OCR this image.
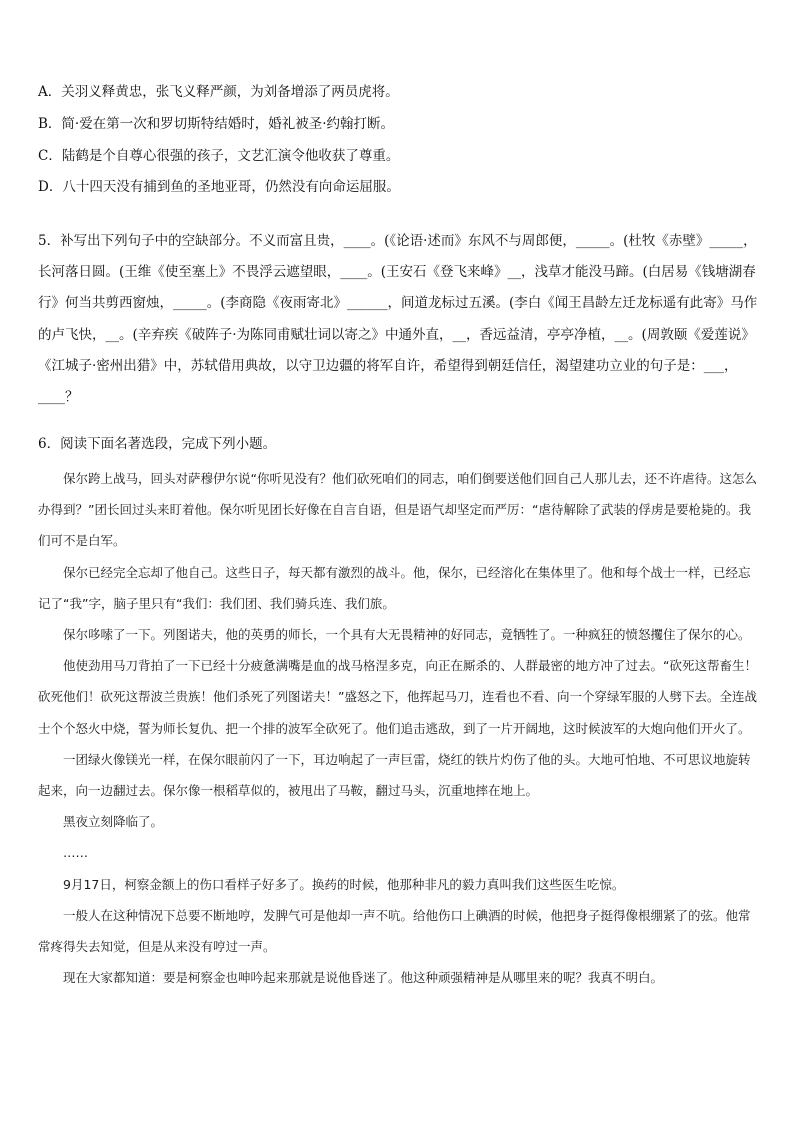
A．关羽义释黄忠，张飞义释严颜，为刘备增添了两员虎将。
B．简·爱在第一次和罗切斯特结婚时，婚礼被圣·约翰打断。
C．陆鹤是个自尊心很强的孩子，文艺汇演令他收获了尊重。
D．八十四天没有捕到鱼的圣地亚哥，仍然没有向命运屈服。
5．补写出下列句子中的空缺部分。不义而富且贵，____。(《论语·述而》东风不与周郎便，_____。(杜牧《赤壁》_____，长河落日圆。(王维《使至塞上》不畏浮云遮望眼，____。(王安石《登飞来峰》__，浅草才能没马蹄。(白居易《钱塘湖春行》何当共剪西窗烛，_____。(李商隐《夜雨寄北》______，间道龙标过五溪。(李白《闻王昌龄左迁龙标遥有此寄》马作的卢飞快，__。(辛弃疾《破阵子·为陈同甫赋壮词以寄之》中通外直，__，香远益清，亭亭净植，__。(周敦颐《爱莲说》《江城子·密州出猎》中，苏轼借用典故，以守卫边疆的将军自许，希望得到朝廷信任，渴望建功立业的句子是：___，____？
6．阅读下面名著选段，完成下列小题。

保尔跨上战马，回头对萨穆伊尔说“你听见没有？他们砍死咱们的同志，咱们倒要送他们回自己人那儿去，还不许虐待。这怎么办得到？”团长回过头来盯着他。保尔听见团长好像在自言自语，但是语气却坚定而严厉：“虐待解除了武装的俘虏是要枪毙的。我们可不是白军。

保尔已经完全忘却了他自己。这些日子，每天都有激烈的战斗。他，保尔，已经溶化在集体里了。他和每个战士一样，已经忘记了“我”字，脑子里只有“我们：我们团、我们骑兵连、我们旅。

保尔哆嗦了一下。列图诺夫，他的英勇的师长，一个具有大无畏精神的好同志，竟牺牲了。一种疯狂的愤怒攫住了保尔的心。

他使劲用马刀背拍了一下已经十分疲惫满嘴是血的战马格涅多克，向正在厮杀的、人群最密的地方冲了过去。“砍死这帮畜生！砍死他们！砍死这帮波兰贵族！他们杀死了列图诺夫！”盛怒之下，他挥起马刀，连看也不看、向一个穿绿军服的人劈下去。全连战士个个怒火中烧，誓为师长复仇、把一个排的波军全砍死了。他们追击逃敌，到了一片开阔地，这时候波军的大炮向他们开火了。

一团绿火像镁光一样，在保尔眼前闪了一下，耳边响起了一声巨雷，烧红的铁片灼伤了他的头。大地可怕地、不可思议地旋转起来，向一边翻过去。保尔像一根稻草似的，被甩出了马鞍，翻过马头，沉重地摔在地上。

黑夜立刻降临了。

……

9月17日，柯察金额上的伤口看样子好多了。换药的时候，他那种非凡的毅力真叫我们这些医生吃惊。

一般人在这种情况下总要不断地哼，发脾气可是他却一声不吭。给他伤口上碘酒的时候，他把身子挺得像根绷紧了的弦。他常常疼得失去知觉，但是从来没有哼过一声。

现在大家都知道：要是柯察金也呻吟起来那就是说他昏迷了。他这种顽强精神是从哪里来的呢？我真不明白。
